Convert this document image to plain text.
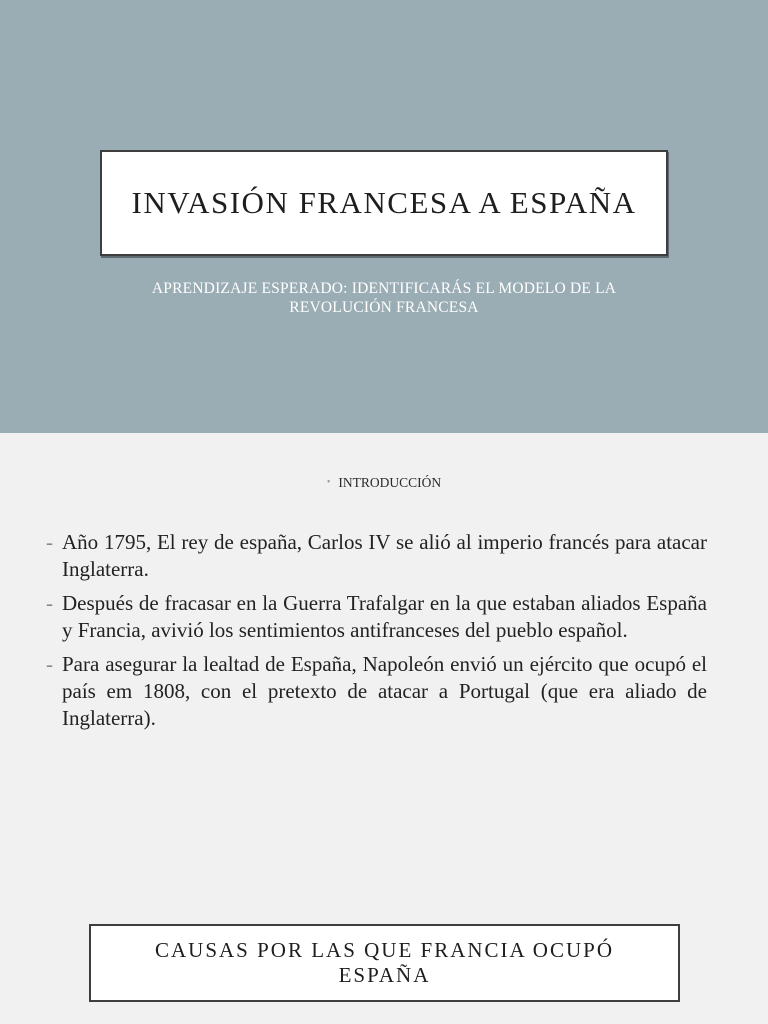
INVASIÓN FRANCESA A ESPAÑA
APRENDIZAJE ESPERADO: IDENTIFICARÁS EL MODELO DE LA REVOLUCIÓN FRANCESA
• INTRODUCCIÓN
- Año 1795, El rey de españa, Carlos IV se alió al imperio francés para atacar Inglaterra.
- Después de fracasar en la Guerra Trafalgar en la que estaban aliados España y Francia, avivió los sentimientos antifranceses del pueblo español.
- Para asegurar la lealtad de España, Napoleón envió un ejército que ocupó el país em 1808, con el pretexto de atacar a Portugal (que era aliado de Inglaterra).
CAUSAS POR LAS QUE FRANCIA OCUPÓ ESPAÑA
